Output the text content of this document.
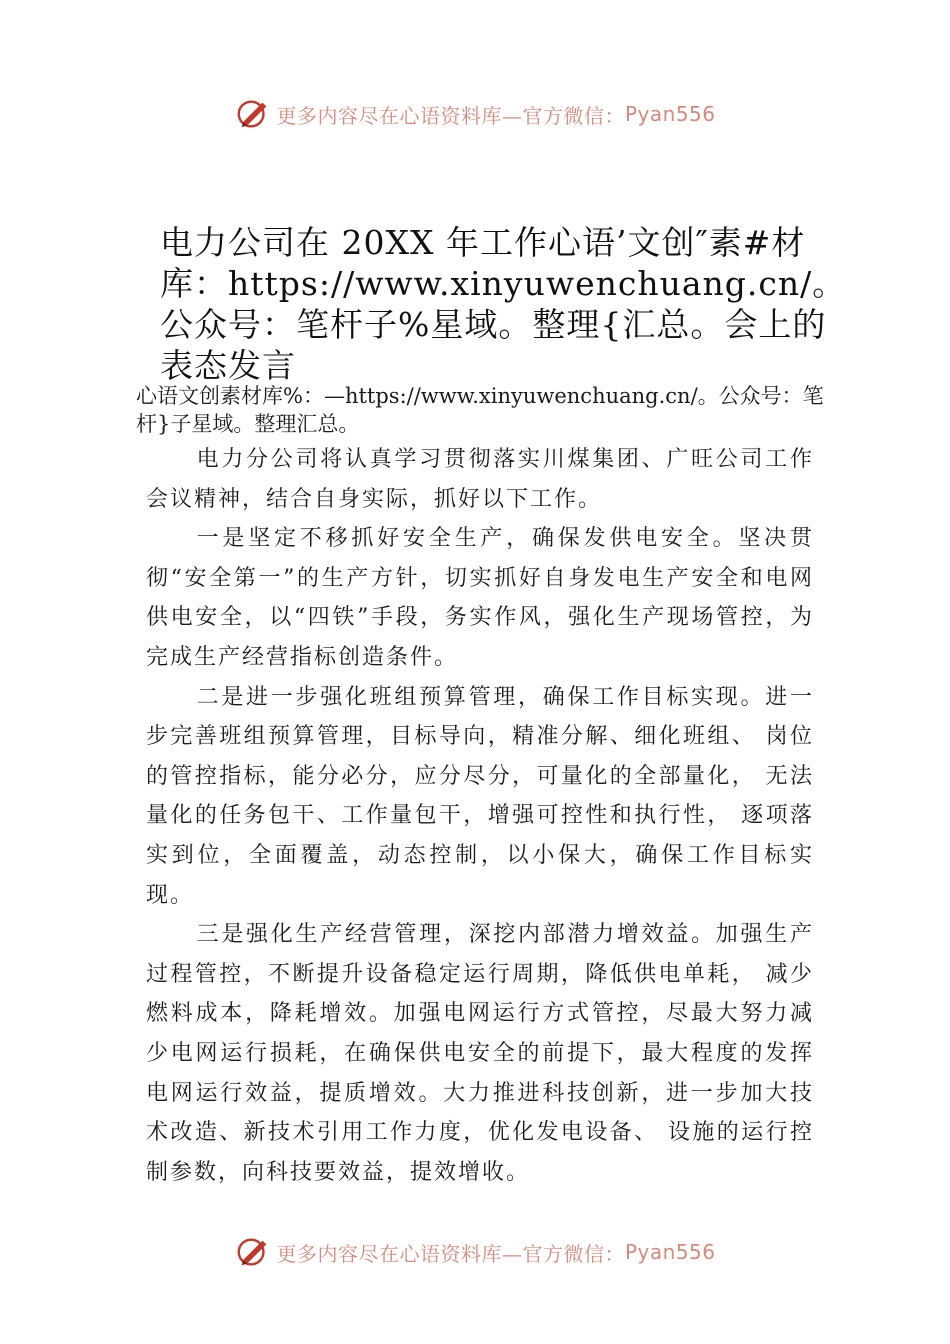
更多内容尽在心语资料库—官方微信： Pyan556
电力公司在 20XX 年工作心语’文创″素#材库：https://www.xinyuwenchuang.cn/。公众号：笔杆子%星域。整理{汇总。会上的表态发言
心语文创素材库%：—https://www.xinyuwenchuang.cn/。公众号：笔杆}子星域。整理汇总。

电力分公司将认真学习贯彻落实川煤集团、广旺公司工作会议精神，结合自身实际，抓好以下工作。

一是坚定不移抓好安全生产，确保发供电安全。坚决贯彻“安全第一”的生产方针，切实抓好自身发电生产安全和电网供电安全，以“四铁”手段，务实作风，强化生产现场管控，为完成生产经营指标创造条件。

二是进一步强化班组预算管理，确保工作目标实现。进一步完善班组预算管理，目标导向，精准分解、细化班组、 岗位的管控指标，能分必分，应分尽分，可量化的全部量化， 无法量化的任务包干、工作量包干，增强可控性和执行性， 逐项落实到位，全面覆盖，动态控制，以小保大，确保工作目标实现。

三是强化生产经营管理，深挖内部潜力增效益。加强生产过程管控，不断提升设备稳定运行周期，降低供电单耗， 减少燃料成本，降耗增效。加强电网运行方式管控，尽最大努力减少电网运行损耗，在确保供电安全的前提下，最大程度的发挥电网运行效益，提质增效。大力推进科技创新，进一步加大技术改造、新技术引用工作力度，优化发电设备、 设施的运行控制参数，向科技要效益，提效增收。

更多内容尽在心语资料库—官方微信： Pyan556
